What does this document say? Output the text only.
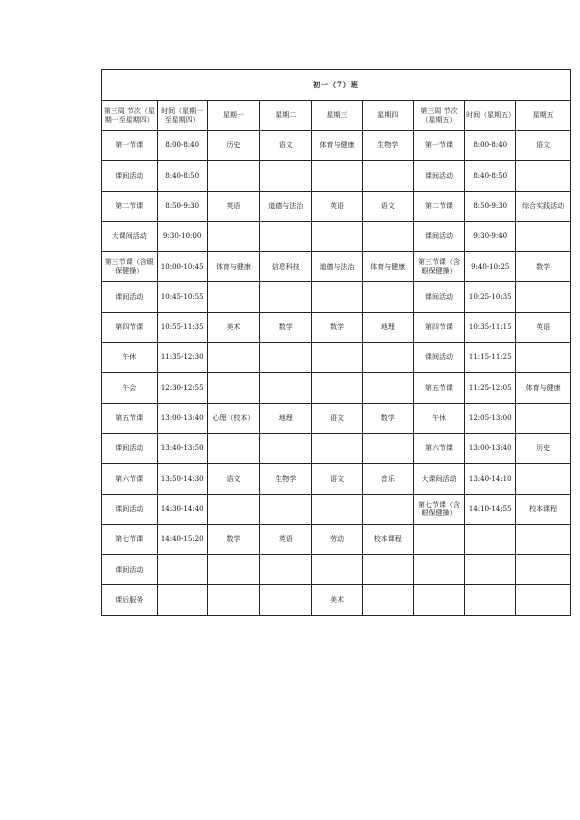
初一（7）班								
第三周 节次（星期一至星期四）	时间（星期一至星期四）	星期一	星期二	星期三	星期四	第三周 节次（星期五）	时间（星期五）	星期五
第一节课	8:00-8:40	历史	语文	体育与健康	生物学	第一节课	8:00-8:40	语文
课间活动	8:40-8:50					课间活动	8:40-8:50	
第二节课	8:50-9:30	英语	道德与法治	英语	语文	第二节课	8:50-9:30	综合实践活动
大课间活动	9:30-10:00					课间活动	9:30-9:40	
第三节课（含眼保健操）	10:00-10:45	体育与健康	信息科技	道德与法治	体育与健康	第三节课（含眼保健操）	9:40-10:25	数学
课间活动	10:45-10:55					课间活动	10:25-10:35	
第四节课	10:55-11:35	美术	数学	数学	地理	第四节课	10:35-11:15	英语
午休	11:35-12:30					课间活动	11:15-11:25	
午会	12:30-12:55					第五节课	11:25-12:05	体育与健康
第五节课	13:00-13:40	心理（校本）	地理	语文	数学	午休	12:05-13:00	
课间活动	13:40-13:50					第六节课	13:00-13:40	历史
第六节课	13:50-14:30	语文	生物学	语文	音乐	大课间活动	13:40-14:10	
课间活动	14:30-14:40					第七节课（含眼保健操）	14:10-14:55	校本课程
第七节课	14:40-15:20	数学	英语	劳动	校本课程			
课间活动								
课后服务				美术				
